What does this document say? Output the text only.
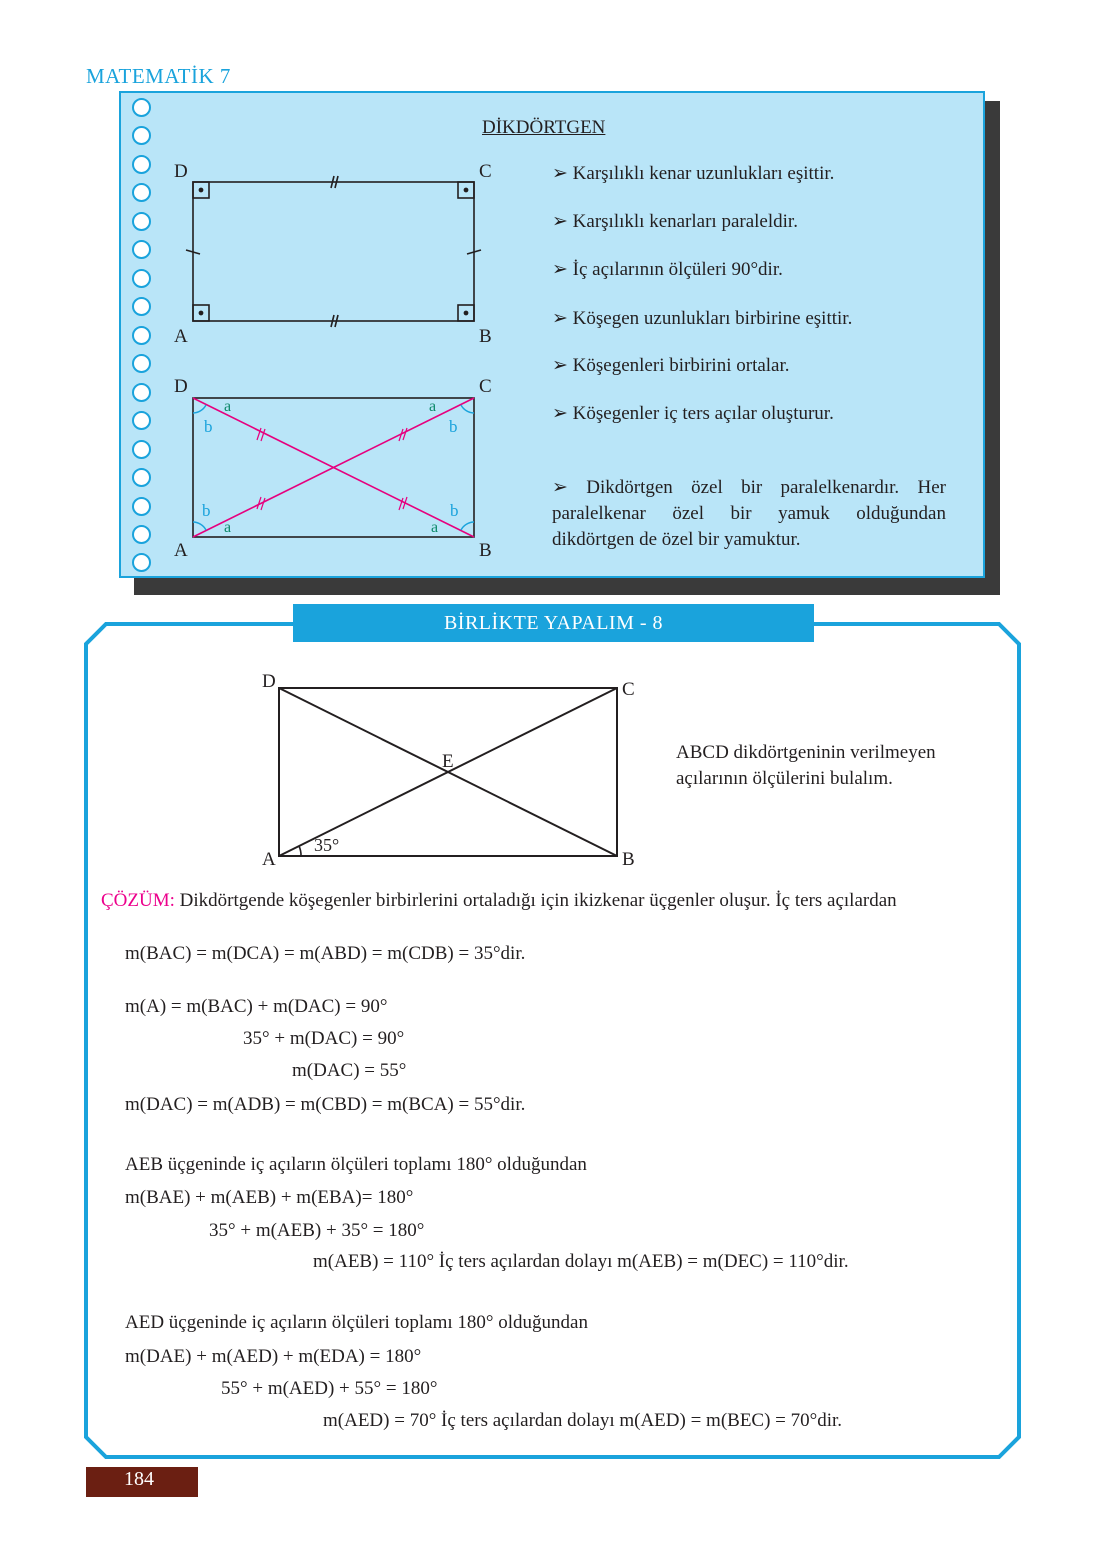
MATEMATİK 7
DİKDÖRTGEN
D	C
A	B
a	a
a	a
b	b
b	b
D	C
A	B
➢ Karşılıklı kenar uzunlukları eşittir.
➢ Karşılıklı kenarları paraleldir.
➢ İç açılarının ölçüleri 90°dir.
➢ Köşegen uzunlukları birbirine eşittir.
➢ Köşegenleri birbirini ortalar.
➢ Köşegenler iç ters açılar oluşturur.
➢ Dikdörtgen özel bir paralelkenardır. Her paralelkenar özel bir yamuk olduğundan dikdörtgen de özel bir yamuktur.
BİRLİKTE YAPALIM - 8
D	C
A	B
E
35°
ABCD dikdörtgeninin verilmeyen açılarının ölçülerini bulalım.
ÇÖZÜM: Dikdörtgende köşegenler birbirlerini ortaladığı için ikizkenar üçgenler oluşur. İç ters açılardan
m(BAC) = m(DCA) = m(ABD) = m(CDB) = 35°dir.
m(A) = m(BAC) + m(DAC) = 90°
35° + m(DAC) = 90°
m(DAC) = 55°
m(DAC) = m(ADB) = m(CBD) = m(BCA) = 55°dir.
AEB üçgeninde iç açıların ölçüleri toplamı 180° olduğundan
m(BAE) + m(AEB) + m(EBA)= 180°
35° + m(AEB) + 35° = 180°
m(AEB) = 110° İç ters açılardan dolayı m(AEB) = m(DEC) = 110°dir.
AED üçgeninde iç açıların ölçüleri toplamı 180° olduğundan
m(DAE) + m(AED) + m(EDA) = 180°
55° + m(AED) + 55° = 180°
m(AED) = 70° İç ters açılardan dolayı m(AED) = m(BEC) = 70°dir.
184
